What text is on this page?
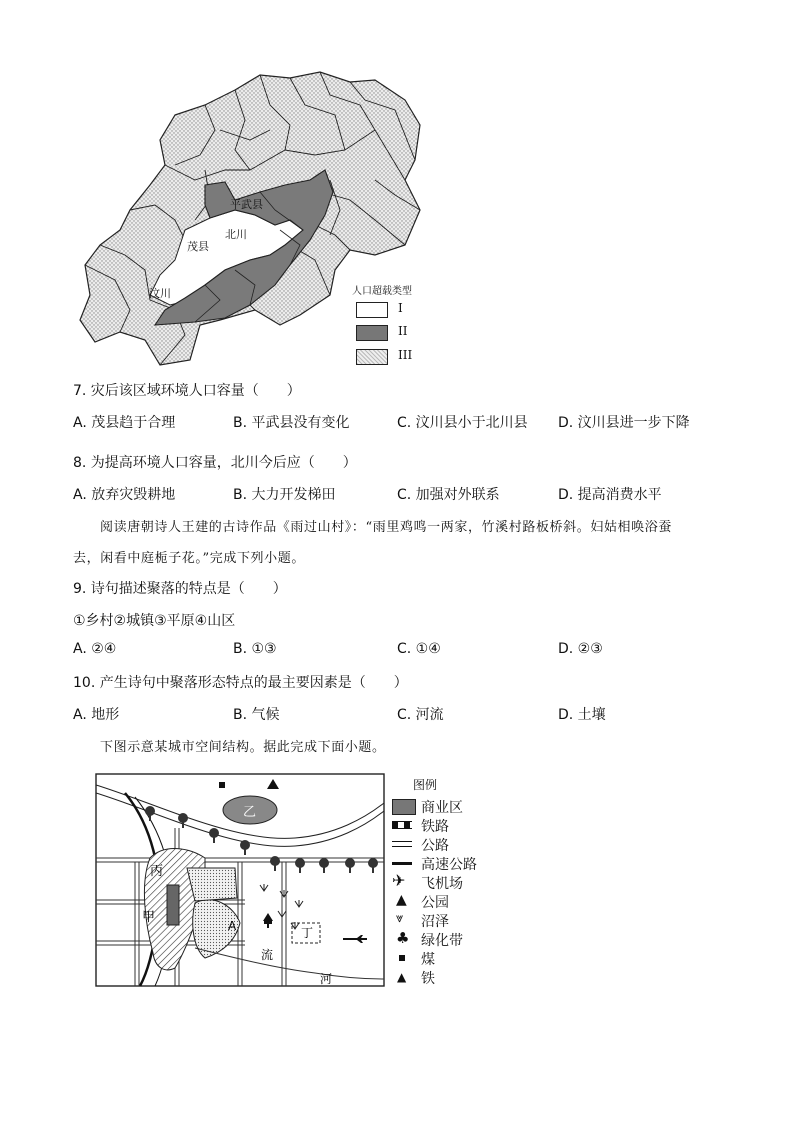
平武县
北川
茂县
汶川	人口超载类型
I
II
III
7. 灾后该区域环境人口容量（　　）
A. 茂县趋于合理	B. 平武县没有变化	C. 汶川县小于北川县 D. 汶川县进一步下降
8. 为提高环境人口容量，北川今后应（　　）
A. 放弃灾毁耕地	B. 大力开发梯田	C. 加强对外联系	D. 提高消费水平
阅读唐朝诗人王建的古诗作品《雨过山村》：“雨里鸡鸣一两家，竹溪村路板桥斜。妇姑相唤浴蚕
去，闲看中庭栀子花。”完成下列小题。
9. 诗句描述聚落的特点是（　　）
①乡村②城镇③平原④山区
A. ②④	B. ①③	C. ①④	D. ②③
10. 产生诗句中聚落形态特点的最主要因素是（　　）
A. 地形	B. 气候	C. 河流	D. 土壤
下图示意某城市空间结构。据此完成下面小题。
乙
丙
甲
A	丁
流
河
图例
商业区
铁路
公路
高速公路
✈	飞机场
▲	公园
⩔	沼泽
♣ 绿化带
煤
▲	铁
